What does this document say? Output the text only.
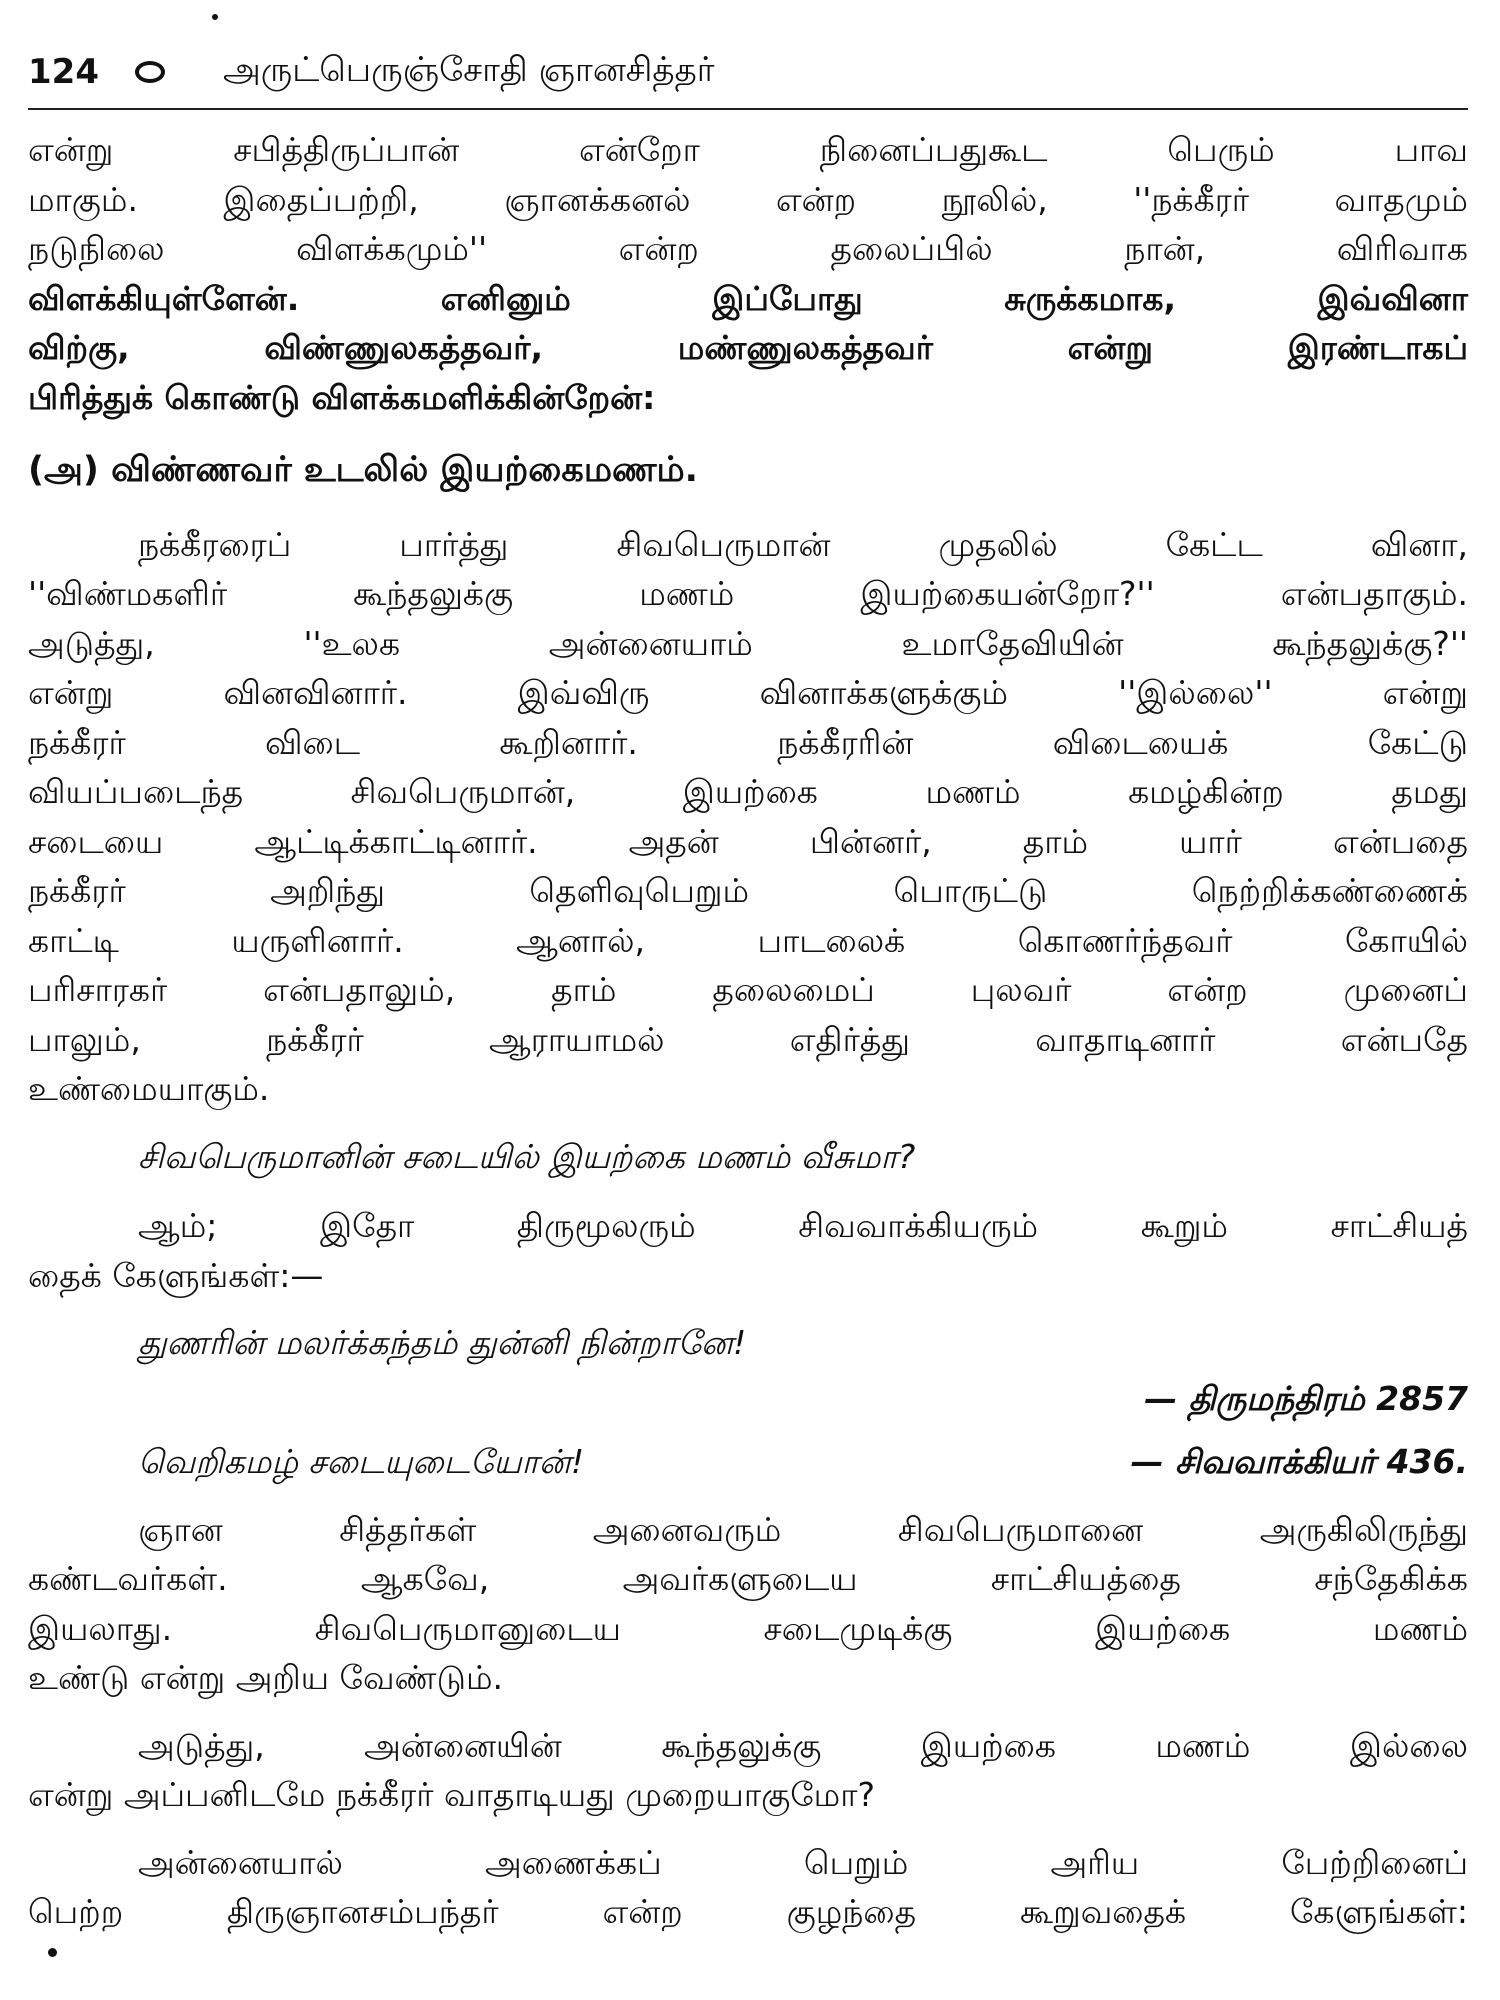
124	அருட்பெருஞ்சோதி ஞானசித்தர்

என்று சபித்திருப்பான் என்றோ நினைப்பதுகூட பெரும் பாவ

மாகும். இதைப்பற்றி, ஞானக்கனல் என்ற நூலில், ''நக்கீரர் வாதமும்

நடுநிலை விளக்கமும்'' என்ற தலைப்பில் நான், விரிவாக

விளக்கியுள்ளேன். எனினும் இப்போது சுருக்கமாக, இவ்வினா

விற்கு, விண்ணுலகத்தவர், மண்ணுலகத்தவர் என்று இரண்டாகப்

பிரித்துக் கொண்டு விளக்கமளிக்கின்றேன்:

(அ) விண்ணவர் உடலில் இயற்கைமணம்.

நக்கீரரைப் பார்த்து சிவபெருமான் முதலில் கேட்ட வினா,

''விண்மகளிர் கூந்தலுக்கு மணம் இயற்கையன்றோ?'' என்பதாகும்.

அடுத்து, ''உலக அன்னையாம் உமாதேவியின் கூந்தலுக்கு?''

என்று வினவினார். இவ்விரு வினாக்களுக்கும் ''இல்லை'' என்று

நக்கீரர் விடை கூறினார். நக்கீரரின் விடையைக் கேட்டு

வியப்படைந்த சிவபெருமான், இயற்கை மணம் கமழ்கின்ற தமது

சடையை ஆட்டிக்காட்டினார். அதன் பின்னர், தாம் யார் என்பதை

நக்கீரர் அறிந்து தெளிவுபெறும் பொருட்டு நெற்றிக்கண்ணைக்

காட்டி யருளினார். ஆனால், பாடலைக் கொணர்ந்தவர் கோயில்

பரிசாரகர் என்பதாலும், தாம் தலைமைப் புலவர் என்ற முனைப்

பாலும், நக்கீரர் ஆராயாமல் எதிர்த்து வாதாடினார் என்பதே

உண்மையாகும்.

சிவபெருமானின் சடையில் இயற்கை மணம் வீசுமா?

ஆம்; இதோ திருமூலரும் சிவவாக்கியரும் கூறும் சாட்சியத்

தைக் கேளுங்கள்:—

துணரின் மலர்க்கந்தம் துன்னி நின்றானே!

— திருமந்திரம் 2857

வெறிகமழ் சடையுடையோன்!	— சிவவாக்கியர் 436.

ஞான சித்தர்கள் அனைவரும் சிவபெருமானை அருகிலிருந்து

கண்டவர்கள். ஆகவே, அவர்களுடைய சாட்சியத்தை சந்தேகிக்க

இயலாது. சிவபெருமானுடைய சடைமுடிக்கு இயற்கை மணம்

உண்டு என்று அறிய வேண்டும்.

அடுத்து, அன்னையின் கூந்தலுக்கு இயற்கை மணம் இல்லை

என்று அப்பனிடமே நக்கீரர் வாதாடியது முறையாகுமோ?

அன்னையால் அணைக்கப் பெறும் அரிய பேற்றினைப்

பெற்ற திருஞானசம்பந்தர் என்ற குழந்தை கூறுவதைக் கேளுங்கள்:
